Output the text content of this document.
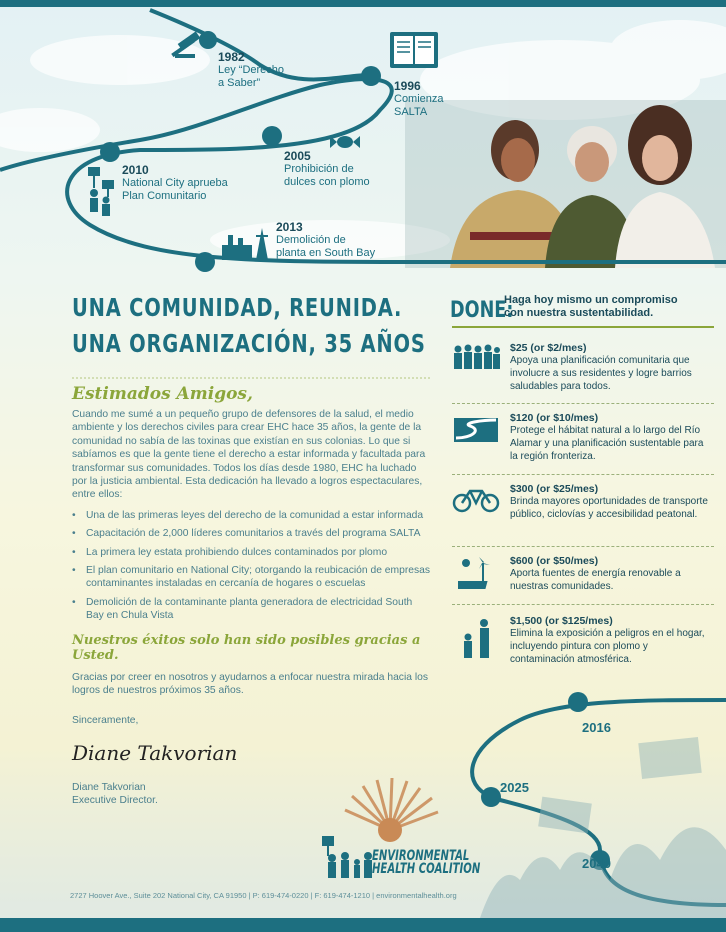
1982
Ley “Derecho
a Saber”	1996
Comienza
SALTA
2005
Prohibición de
dulces con plomo
2010
National City aprueba
Plan Comunitario
2013
Demolición de
planta en South Bay
UNA COMUNIDAD, REUNIDA.
UNA ORGANIZACIÓN, 35 AÑOS
Estimados Amigos,
Cuando me sumé a un pequeño grupo de defensores de la salud, el medio ambiente y los derechos civiles para crear EHC hace 35 años, la gente de la comunidad no sabía de las toxinas que existían en sus colonias. Lo que si sabíamos es que la gente tiene el derecho a estar informada y facultada para transformar sus comunidades. Todos los días desde 1980, EHC ha luchado por la justicia ambiental. Esta dedicación ha llevado a logros espectaculares, entre ellos:
• Una de las primeras leyes del derecho de la comunidad a estar informada
• Capacitación de 2,000 líderes comunitarios a través del programa SALTA
• La primera ley estata prohibiendo dulces contaminados por plomo
• El plan comunitario en National City; otorgando la reubicación de empresas contaminantes instaladas en cercanía de hogares o escuelas
• Demolición de la contaminante planta generadora de electricidad South Bay en Chula Vista
Nuestros éxitos solo han sido posibles gracias a Usted.
Gracias por creer en nosotros y ayudarnos a enfocar nuestra mirada hacia los logros de nuestros próximos 35 años.
Sinceramente,
Diane Takvorian
Diane Takvorian
Executive Director.
DONE:
Haga hoy mismo un compromiso
con nuestra sustentabilidad.
$25 (or $2/mes)
Apoya una planificación comunitaria que involucre a sus residentes y logre barrios saludables para todos.
$120 (or $10/mes)
Protege el hábitat natural a lo largo del Río Alamar y una planificación sustentable para la región fronteriza.
$300 (or $25/mes)
Brinda mayores oportunidades de transporte público, ciclovías y accesibilidad peatonal.
$600 (or $50/mes)
Aporta fuentes de energía renovable a nuestras comunidades.
$1,500 (or $125/mes)
Elimina la exposición a peligros en el hogar, incluyendo pintura con plomo y contaminación atmosférica.
2016
2025
2040
ENVIRONMENTAL
HEALTH COALITION
2727 Hoover Ave., Suite 202 National City, CA 91950 | P: 619-474-0220 | F: 619-474-1210 | environmentalhealth.org
